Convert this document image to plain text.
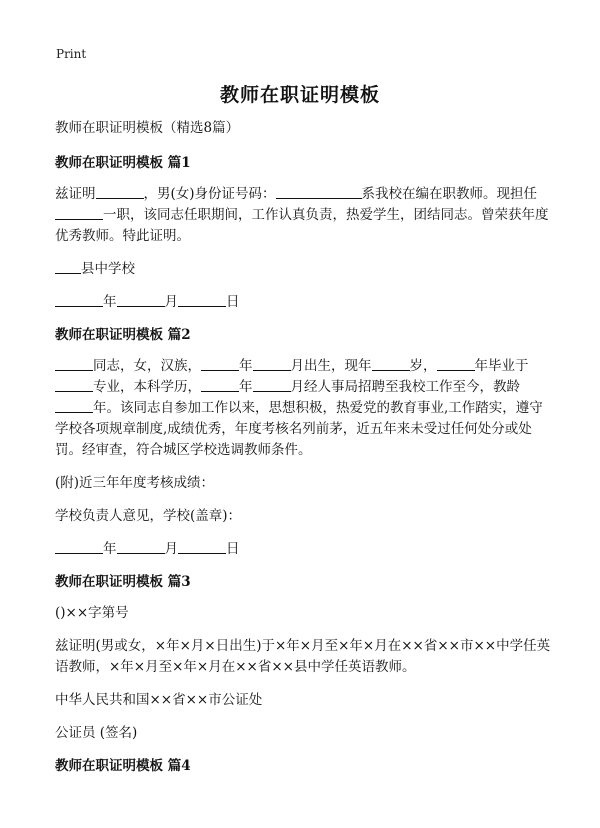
Print
教师在职证明模板

教师在职证明模板（精选8篇）

教师在职证明模板 篇1

兹证明	，男(女)身份证号码：	系我校在编在职教师。现担任一职，该同志任职期间，工作认真负责，热爱学生，团结同志。曾荣获年度优秀教师。特此证明。

县中学校

年	月	日

教师在职证明模板 篇2

同志，女，汉族，	年	月出生，现年	岁，	年毕业于专业，本科学历，	年	月经人事局招聘至我校工作至今，教龄年。该同志自参加工作以来，思想积极，热爱党的教育事业,工作踏实，遵守学校各项规章制度,成绩优秀，年度考核名列前茅，近五年来未受过任何处分或处罚。经审查，符合城区学校选调教师条件。

(附)近三年年度考核成绩：

学校负责人意见，学校(盖章)：

年	月	日

教师在职证明模板 篇3

()××字第号

兹证明(男或女，×年×月×日出生)于×年×月至×年×月在××省××市××中学任英语教师，×年×月至×年×月在××省××县中学任英语教师。

中华人民共和国××省××市公证处

公证员 (签名)

教师在职证明模板 篇4
